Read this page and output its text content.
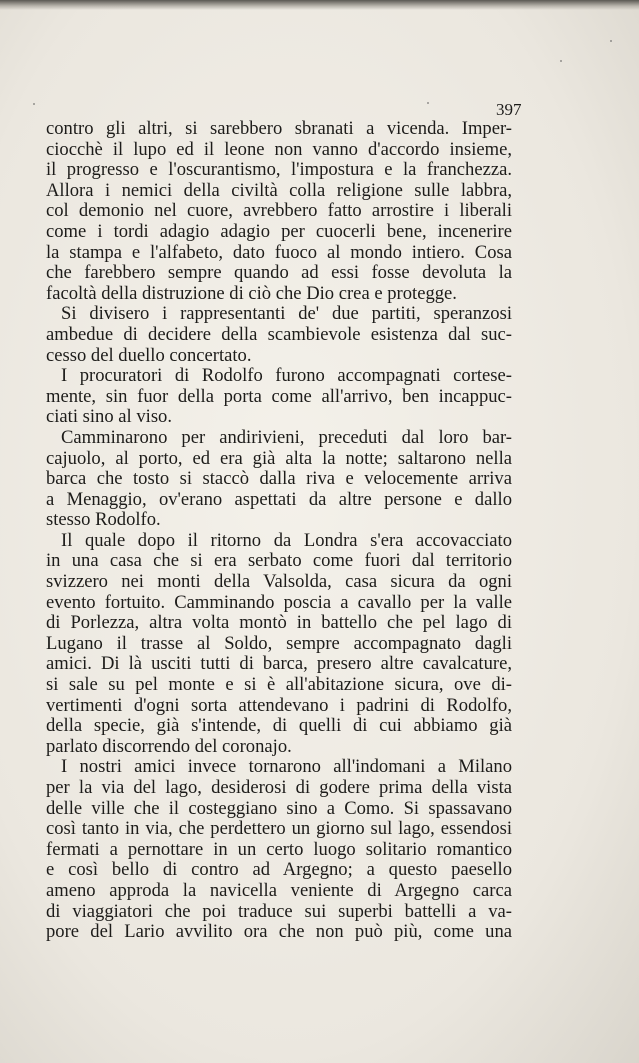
397
contro gli altri, si sarebbero sbranati a vicenda. Imper-
ciocchè il lupo ed il leone non vanno d'accordo insieme,
il progresso e l'oscurantismo, l'impostura e la franchezza.
Allora i nemici della civiltà colla religione sulle labbra,
col demonio nel cuore, avrebbero fatto arrostire i liberali
come i tordi adagio adagio per cuocerli bene, incenerire
la stampa e l'alfabeto, dato fuoco al mondo intiero. Cosa
che farebbero sempre quando ad essi fosse devoluta la
facoltà della distruzione di ciò che Dio crea e protegge.
Si divisero i rappresentanti de' due partiti, speranzosi
ambedue di decidere della scambievole esistenza dal suc-
cesso del duello concertato.
I procuratori di Rodolfo furono accompagnati cortese-
mente, sin fuor della porta come all'arrivo, ben incappuc-
ciati sino al viso.
Camminarono per andirivieni, preceduti dal loro bar-
cajuolo, al porto, ed era già alta la notte; saltarono nella
barca che tosto si staccò dalla riva e velocemente arriva
a Menaggio, ov'erano aspettati da altre persone e dallo
stesso Rodolfo.
Il quale dopo il ritorno da Londra s'era accovacciato
in una casa che si era serbato come fuori dal territorio
svizzero nei monti della Valsolda, casa sicura da ogni
evento fortuito. Camminando poscia a cavallo per la valle
di Porlezza, altra volta montò in battello che pel lago di
Lugano il trasse al Soldo, sempre accompagnato dagli
amici. Di là usciti tutti di barca, presero altre cavalcature,
si sale su pel monte e si è all'abitazione sicura, ove di-
vertimenti d'ogni sorta attendevano i padrini di Rodolfo,
della specie, già s'intende, di quelli di cui abbiamo già
parlato discorrendo del coronajo.
I nostri amici invece tornarono all'indomani a Milano
per la via del lago, desiderosi di godere prima della vista
delle ville che il costeggiano sino a Como. Si spassavano
così tanto in via, che perdettero un giorno sul lago, essendosi
fermati a pernottare in un certo luogo solitario romantico
e così bello di contro ad Argegno; a questo paesello
ameno approda la navicella veniente di Argegno carca
di viaggiatori che poi traduce sui superbi battelli a va-
pore del Lario avvilito ora che non può più, come una
